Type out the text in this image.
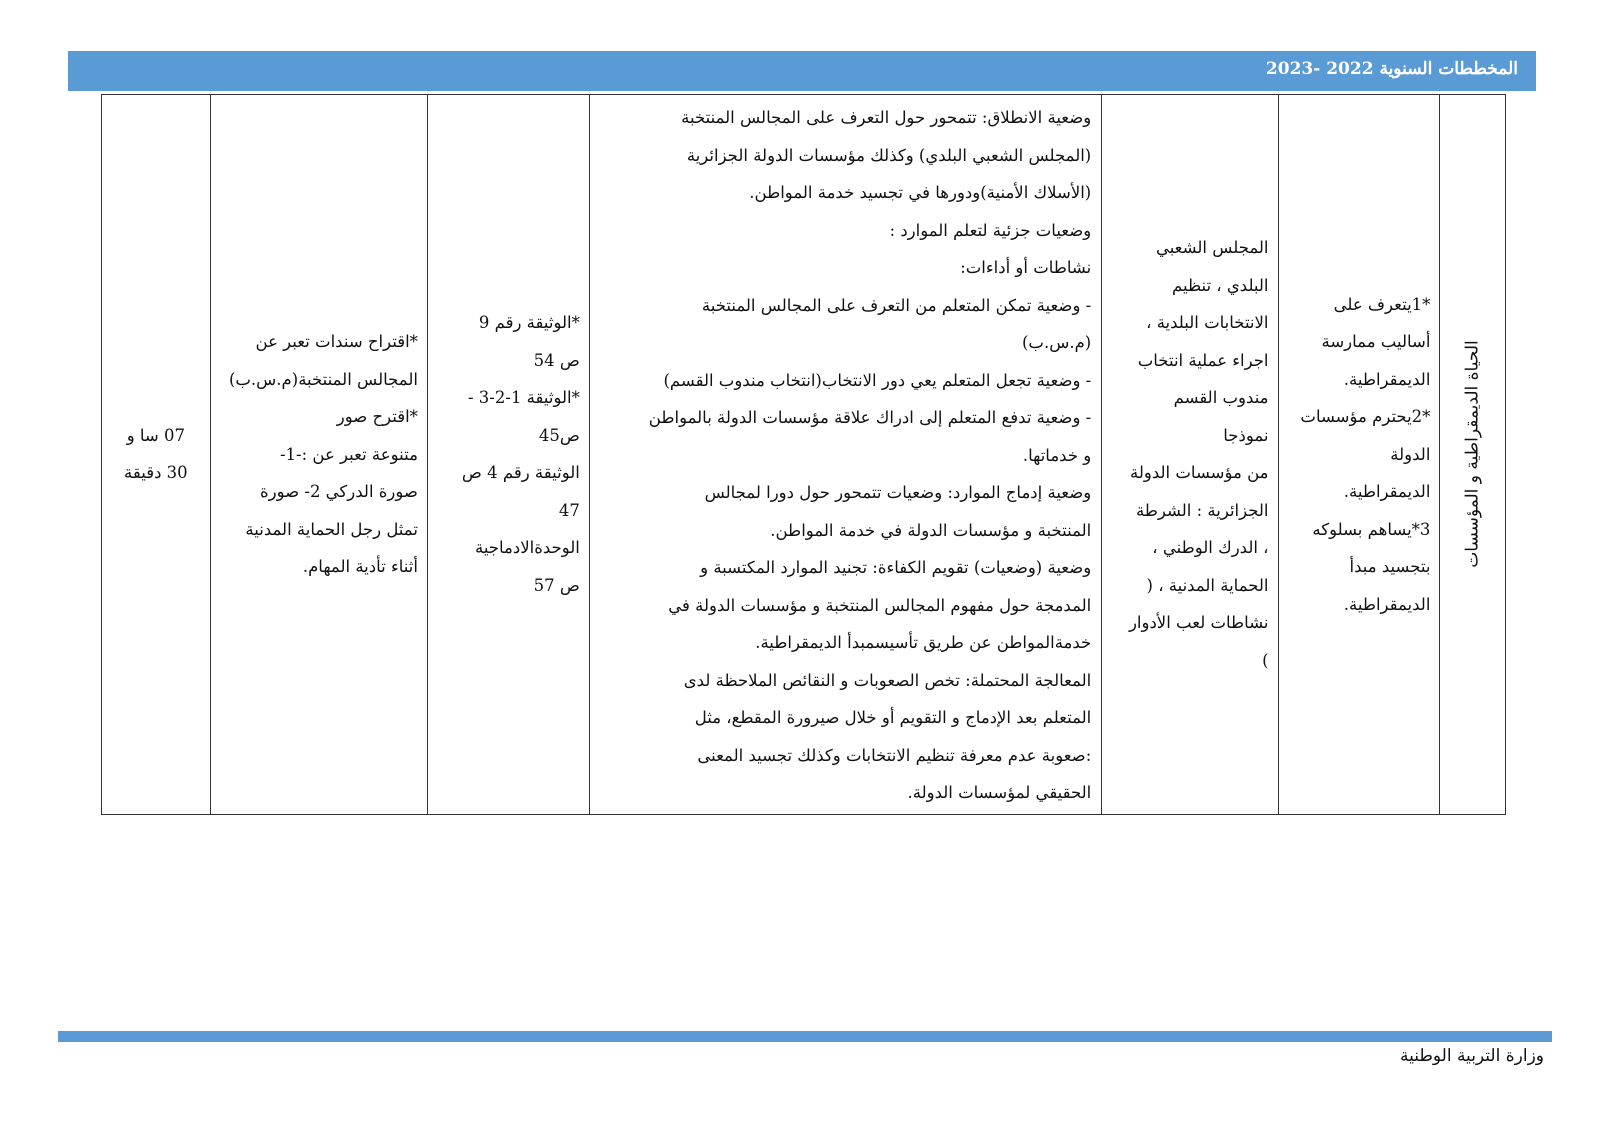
المخططات السنوية 2022 -2023
الحياة الديمقراطية و المؤسسات

*1يتعرف على
أساليب ممارسة
الديمقراطية.
*2يحترم مؤسسات
الدولة
الديمقراطية.
3*يساهم بسلوكه
بتجسيد مبدأ
الديمقراطية.

المجلس الشعبي
البلدي ، تنظيم
الانتخابات البلدية ،
اجراء عملية انتخاب
مندوب القسم
نموذجا
من مؤسسات الدولة
الجزائرية : الشرطة
، الدرك الوطني ،
الحماية المدنية ، (
نشاطات لعب الأدوار
)

وضعية الانطلاق: تتمحور حول التعرف على المجالس المنتخبة
(المجلس الشعبي البلدي) وكذلك مؤسسات الدولة الجزائرية
(الأسلاك الأمنية)ودورها في تجسيد خدمة المواطن.
وضعيات جزئية لتعلم الموارد :
نشاطات أو أداءات:
- وضعية تمكن المتعلم من التعرف على المجالس المنتخبة
(م.س.ب)
- وضعية تجعل المتعلم يعي دور الانتخاب(انتخاب مندوب القسم)
- وضعية تدفع المتعلم إلى ادراك علاقة مؤسسات الدولة بالمواطن
و خدماتها.
وضعية إدماج الموارد: وضعيات تتمحور حول دورا لمجالس
المنتخبة و مؤسسات الدولة في خدمة المواطن.
وضعية (وضعيات) تقويم الكفاءة: تجنيد الموارد المكتسبة و
المدمجة حول مفهوم المجالس المنتخبة و مؤسسات الدولة في
خدمةالمواطن عن طريق تأسيسمبدأ الديمقراطية.
المعالجة المحتملة: تخص الصعوبات و النقائص الملاحظة لدى
المتعلم بعد الإدماج و التقويم أو خلال صيرورة المقطع، مثل
:صعوبة عدم معرفة تنظيم الانتخابات وكذلك تجسيد المعنى
الحقيقي لمؤسسات الدولة.

*الوثيقة رقم 9
ص 54
*الوثيقة 1-2-3 -
ص45
الوثيقة رقم 4 ص
47
الوحدةالادماجية
ص 57

*اقتراح سندات تعبر عن
المجالس المنتخبة(م.س.ب)
*اقترح صور
متنوعة تعبر عن :-1-
صورة الدركي 2- صورة
تمثل رجل الحماية المدنية
أثناء تأدية المهام.

07 سا و
30 دقيقة
وزارة التربية الوطنية
